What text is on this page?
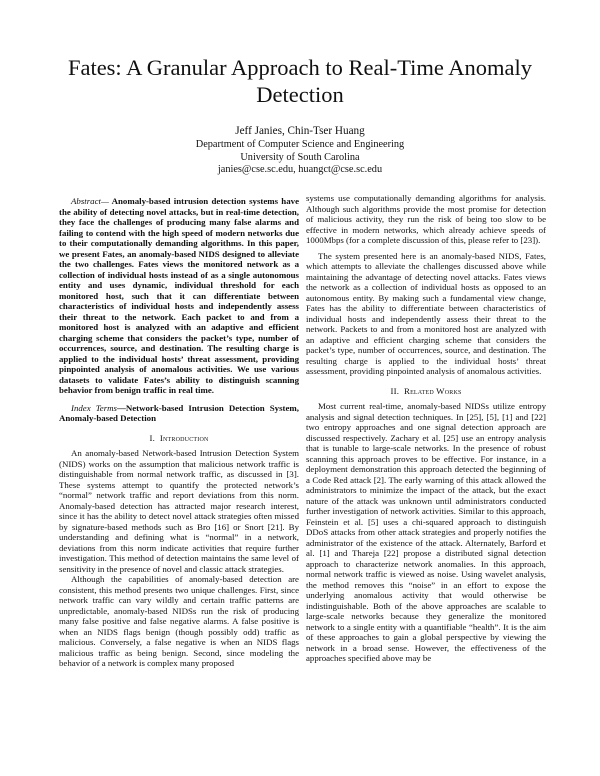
Fates: A Granular Approach to Real-Time Anomaly Detection
Jeff Janies, Chin-Tser Huang
Department of Computer Science and Engineering
University of South Carolina
janies@cse.sc.edu, huangct@cse.sc.edu

Abstract— Anomaly-based intrusion detection systems have the ability of detecting novel attacks, but in real-time detection, they face the challenges of producing many false alarms and failing to contend with the high speed of modern networks due to their computationally demanding algorithms. In this paper, we present Fates, an anomaly-based NIDS designed to alleviate the two challenges. Fates views the monitored network as a collection of individual hosts instead of as a single autonomous entity and uses dynamic, individual threshold for each monitored host, such that it can differentiate between characteristics of individual hosts and independently assess their threat to the network. Each packet to and from a monitored host is analyzed with an adaptive and efficient charging scheme that considers the packet’s type, number of occurrences, source, and destination. The resulting charge is applied to the individual hosts’ threat assessment, providing pinpointed analysis of anomalous activities. We use various datasets to validate Fates’s ability to distinguish scanning behavior from benign traffic in real time.

Index Terms—Network-based Intrusion Detection System, Anomaly-based Detection

I. Introduction

An anomaly-based Network-based Intrusion Detection System (NIDS) works on the assumption that malicious network traffic is distinguishable from normal network traffic, as discussed in [3]. These systems attempt to quantify the protected network’s “normal” network traffic and report deviations from this norm. Anomaly-based detection has attracted major research interest, since it has the ability to detect novel attack strategies often missed by signature-based methods such as Bro [16] or Snort [21]. By understanding and defining what is “normal” in a network, deviations from this norm indicate activities that require further investigation. This method of detection maintains the same level of sensitivity in the presence of novel and classic attack strategies.

Although the capabilities of anomaly-based detection are consistent, this method presents two unique challenges. First, since network traffic can vary wildly and certain traffic patterns are unpredictable, anomaly-based NIDSs run the risk of producing many false positive and false negative alarms. A false positive is when an NIDS flags benign (though possibly odd) traffic as malicious. Conversely, a false negative is when an NIDS flags malicious traffic as being benign. Second, since modeling the behavior of a network is complex many proposed

systems use computationally demanding algorithms for analysis. Although such algorithms provide the most promise for detection of malicious activity, they run the risk of being too slow to be effective in modern networks, which already achieve speeds of 1000Mbps (for a complete discussion of this, please refer to [23]).

The system presented here is an anomaly-based NIDS, Fates, which attempts to alleviate the challenges discussed above while maintaining the advantage of detecting novel attacks. Fates views the network as a collection of individual hosts as opposed to an autonomous entity. By making such a fundamental view change, Fates has the ability to differentiate between characteristics of individual hosts and independently assess their threat to the network. Packets to and from a monitored host are analyzed with an adaptive and efficient charging scheme that considers the packet’s type, number of occurrences, source, and destination. The resulting charge is applied to the individual hosts’ threat assessment, providing pinpointed analysis of anomalous activities.

II. Related Works

Most current real-time, anomaly-based NIDSs utilize entropy analysis and signal detection techniques. In [25], [5], [1] and [22] two entropy approaches and one signal detection approach are discussed respectively. Zachary et al. [25] use an entropy analysis that is tunable to large-scale networks. In the presence of robust scanning this approach proves to be effective. For instance, in a deployment demonstration this approach detected the beginning of a Code Red attack [2]. The early warning of this attack allowed the administrators to minimize the impact of the attack, but the exact nature of the attack was unknown until administrators conducted further investigation of network activities. Similar to this approach, Feinstein et al. [5] uses a chi-squared approach to distinguish DDoS attacks from other attack strategies and properly notifies the administrator of the existence of the attack. Alternately, Barford et al. [1] and Thareja [22] propose a distributed signal detection approach to characterize network anomalies. In this approach, normal network traffic is viewed as noise. Using wavelet analysis, the method removes this “noise” in an effort to expose the underlying anomalous activity that would otherwise be indistinguishable. Both of the above approaches are scalable to large-scale networks because they generalize the monitored network to a single entity with a quantifiable “health”. It is the aim of these approaches to gain a global perspective by viewing the network in a broad sense. However, the effectiveness of the approaches specified above may be
